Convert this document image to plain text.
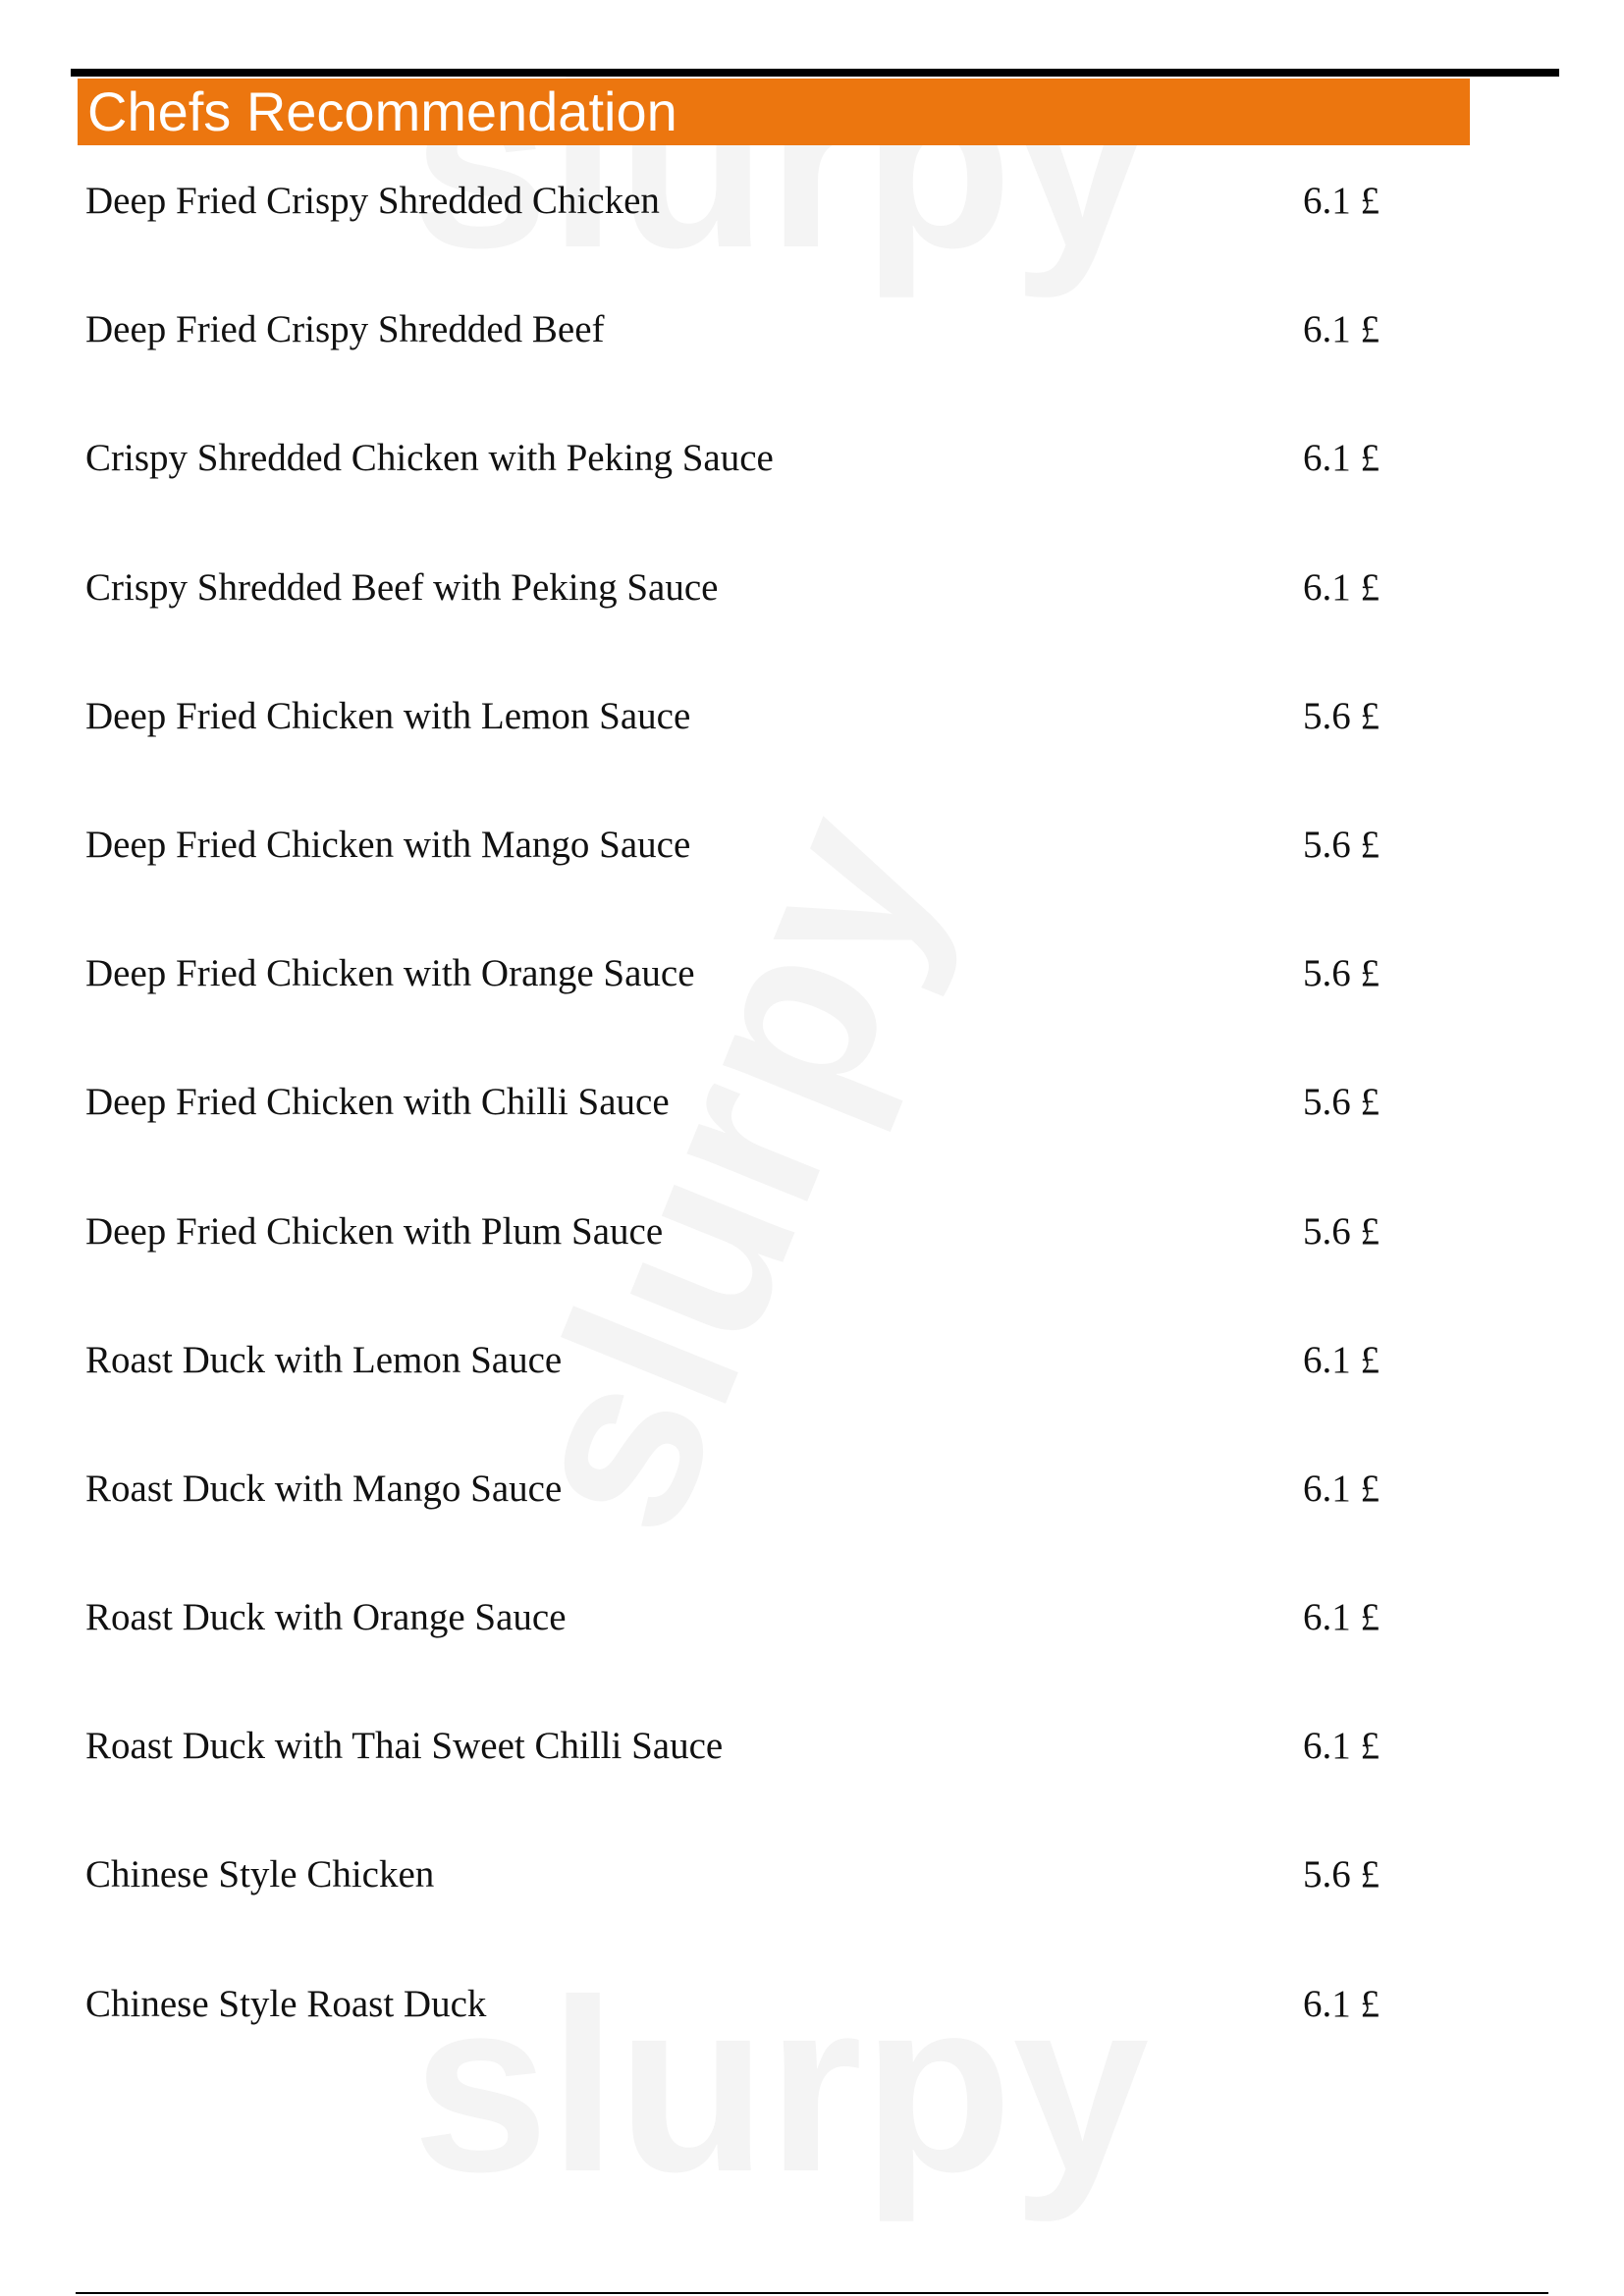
Chefs Recommendation
Deep Fried Crispy Shredded Chicken	6.1 £
Deep Fried Crispy Shredded Beef	6.1 £
Crispy Shredded Chicken with Peking Sauce	6.1 £
Crispy Shredded Beef with Peking Sauce	6.1 £
Deep Fried Chicken with Lemon Sauce	5.6 £
Deep Fried Chicken with Mango Sauce	5.6 £
Deep Fried Chicken with Orange Sauce	5.6 £
Deep Fried Chicken with Chilli Sauce	5.6 £
Deep Fried Chicken with Plum Sauce	5.6 £
Roast Duck with Lemon Sauce	6.1 £
Roast Duck with Mango Sauce	6.1 £
Roast Duck with Orange Sauce	6.1 £
Roast Duck with Thai Sweet Chilli Sauce	6.1 £
Chinese Style Chicken	5.6 £
Chinese Style Roast Duck	6.1 £
